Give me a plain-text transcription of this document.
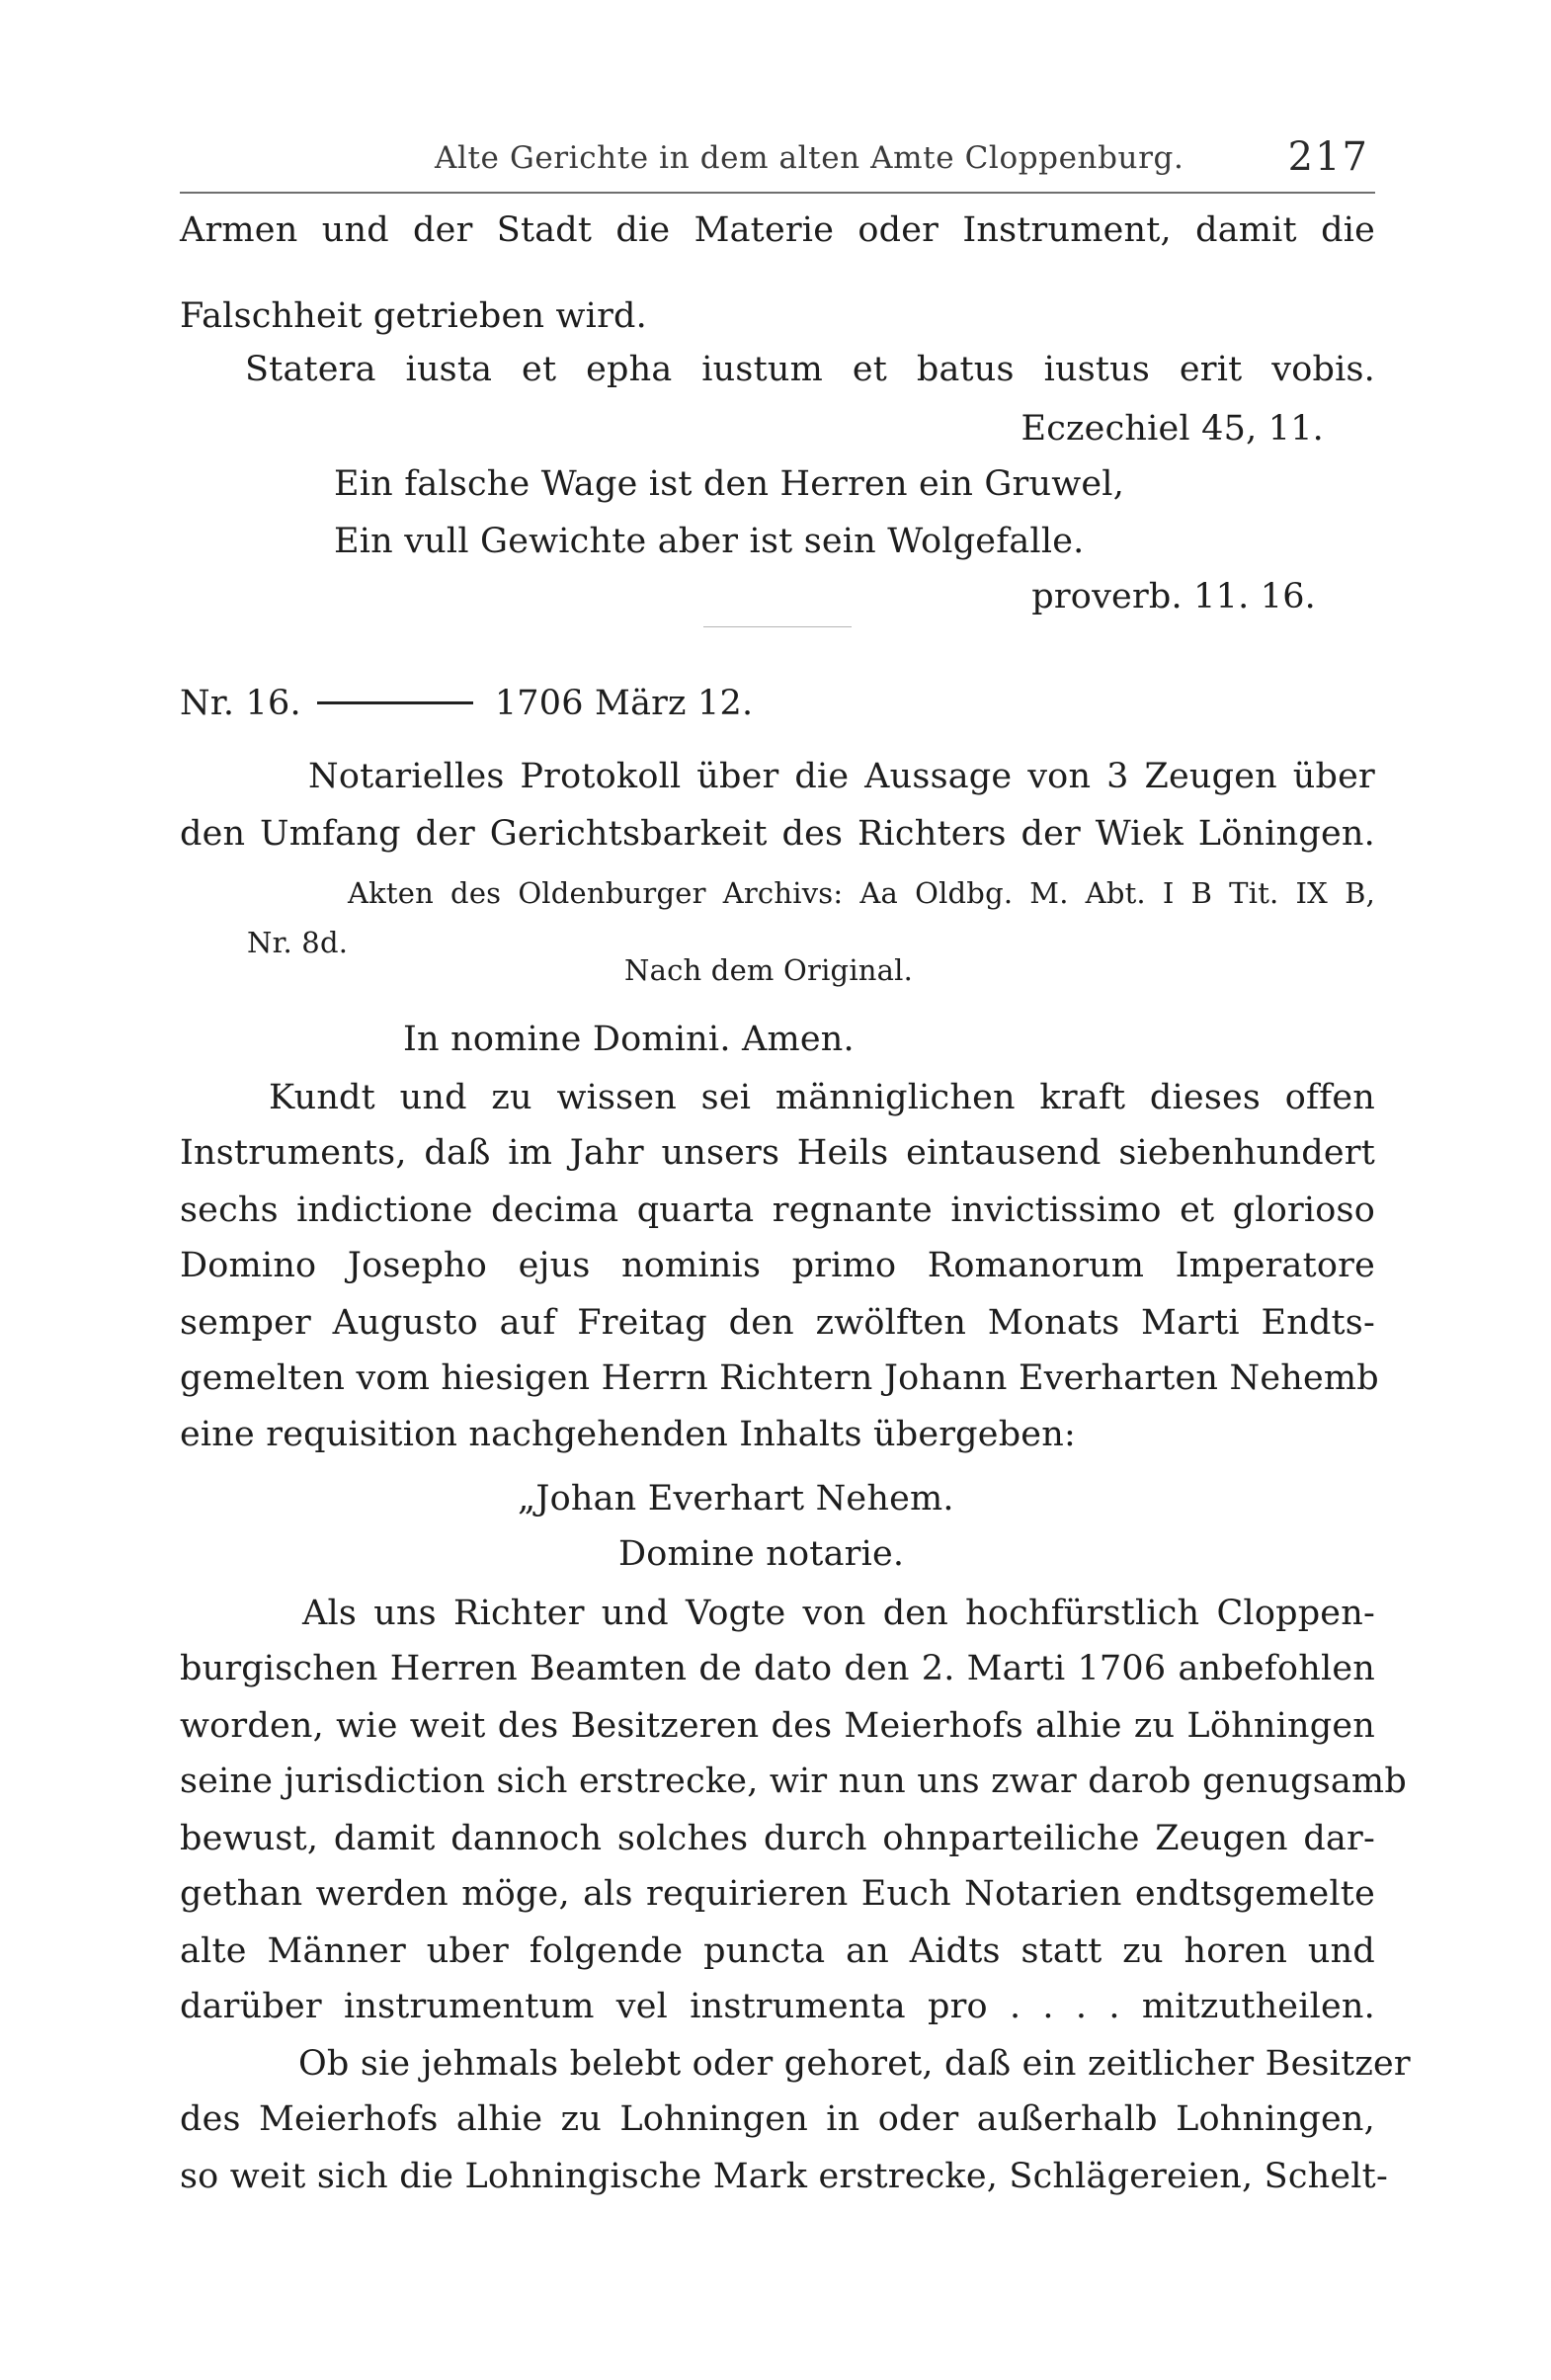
Alte Gerichte in dem alten Amte Cloppenburg.	217
Armen und der Stadt die Materie oder Instrument, damit die
Falschheit getrieben wird.
Statera iusta et epha iustum et batus iustus erit vobis.
Eczechiel 45, 11.
Ein falsche Wage ist den Herren ein Gruwel,
Ein vull Gewichte aber ist sein Wolgefalle.
proverb. 11. 16.
Nr. 16.	1706 März 12.
Notarielles Protokoll über die Aussage von 3 Zeugen über
den Umfang der Gerichtsbarkeit des Richters der Wiek Löningen.
Akten des Oldenburger Archivs: Aa Oldbg. M. Abt. I B Tit. IX B,
Nr. 8d.
Nach dem Original.
In nomine Domini. Amen.
Kundt und zu wissen sei männiglichen kraft dieses offen
Instruments, daß im Jahr unsers Heils eintausend siebenhundert
sechs indictione decima quarta regnante invictissimo et glorioso
Domino Josepho ejus nominis primo Romanorum Imperatore
semper Augusto auf Freitag den zwölften Monats Marti Endts-
gemelten vom hiesigen Herrn Richtern Johann Everharten Nehemb
eine requisition nachgehenden Inhalts übergeben:
„Johan Everhart Nehem.
Domine notarie.
Als uns Richter und Vogte von den hochfürstlich Cloppen-
burgischen Herren Beamten de dato den 2. Marti 1706 anbefohlen
worden, wie weit des Besitzeren des Meierhofs alhie zu Löhningen
seine jurisdiction sich erstrecke, wir nun uns zwar darob genugsamb
bewust, damit dannoch solches durch ohnparteiliche Zeugen dar-
gethan werden möge, als requirieren Euch Notarien endtsgemelte
alte Männer uber folgende puncta an Aidts statt zu horen und
darüber instrumentum vel instrumenta pro . . . . mitzutheilen.
Ob sie jehmals belebt oder gehoret, daß ein zeitlicher Besitzer
des Meierhofs alhie zu Lohningen in oder außerhalb Lohningen,
so weit sich die Lohningische Mark erstrecke, Schlägereien, Schelt-
